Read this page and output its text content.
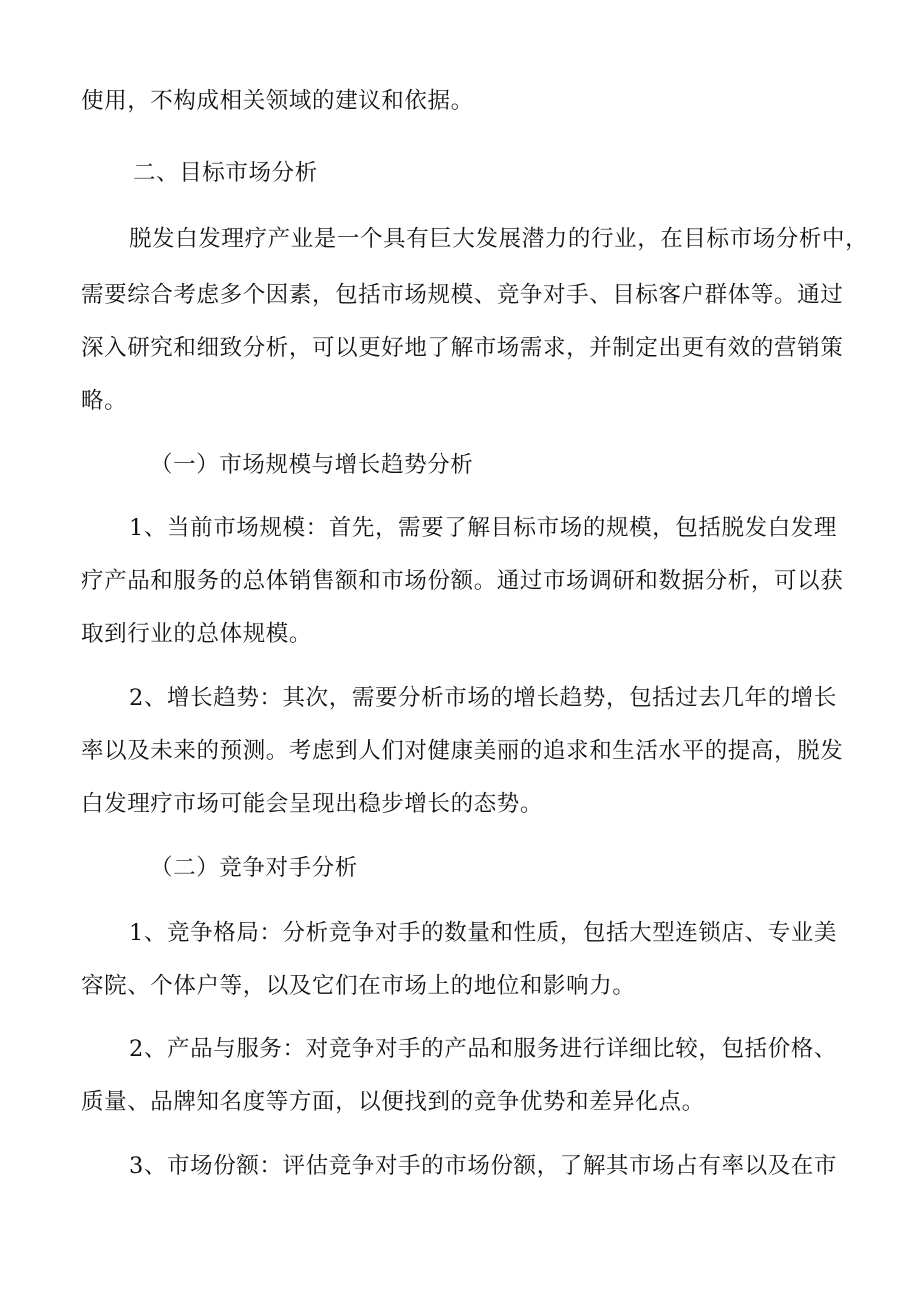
使用，不构成相关领域的建议和依据。
二、目标市场分析
脱发白发理疗产业是一个具有巨大发展潜力的行业，在目标市场分析中，
需要综合考虑多个因素，包括市场规模、竞争对手、目标客户群体等。通过
深入研究和细致分析，可以更好地了解市场需求，并制定出更有效的营销策
略。
（一）市场规模与增长趋势分析
1、当前市场规模：首先，需要了解目标市场的规模，包括脱发白发理
疗产品和服务的总体销售额和市场份额。通过市场调研和数据分析，可以获
取到行业的总体规模。
2、增长趋势：其次，需要分析市场的增长趋势，包括过去几年的增长
率以及未来的预测。考虑到人们对健康美丽的追求和生活水平的提高，脱发
白发理疗市场可能会呈现出稳步增长的态势。
（二）竞争对手分析
1、竞争格局：分析竞争对手的数量和性质，包括大型连锁店、专业美
容院、个体户等，以及它们在市场上的地位和影响力。
2、产品与服务：对竞争对手的产品和服务进行详细比较，包括价格、
质量、品牌知名度等方面，以便找到的竞争优势和差异化点。
3、市场份额：评估竞争对手的市场份额，了解其市场占有率以及在市
